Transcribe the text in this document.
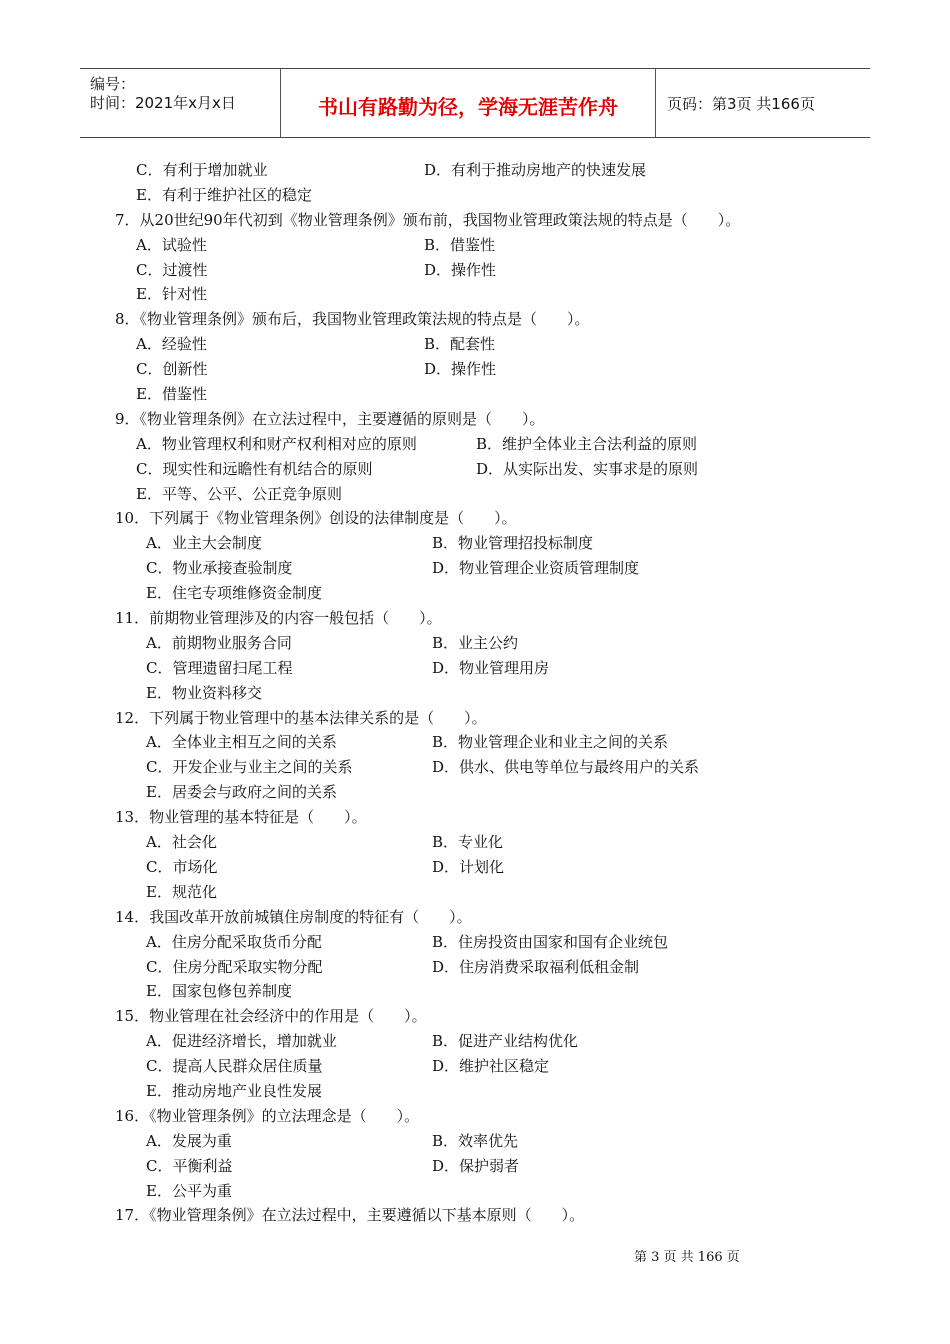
编号：
时间：2021年x月x日	书山有路勤为径，学海无涯苦作舟	页码：第3页 共166页
C．有利于增加就业	D．有利于推动房地产的快速发展
E．有利于维护社区的稳定
7．从20世纪90年代初到《物业管理条例》颁布前，我国物业管理政策法规的特点是（　　）。
A．试验性	B．借鉴性
C．过渡性	D．操作性
E．针对性
8．《物业管理条例》颁布后，我国物业管理政策法规的特点是（　　）。
A．经验性	B．配套性
C．创新性	D．操作性
E．借鉴性
9．《物业管理条例》在立法过程中，主要遵循的原则是（　　）。
A．物业管理权利和财产权利相对应的原则	B．维护全体业主合法利益的原则
C．现实性和远瞻性有机结合的原则	D．从实际出发、实事求是的原则
E．平等、公平、公正竞争原则
10．下列属于《物业管理条例》创设的法律制度是（　　）。
A．业主大会制度	B．物业管理招投标制度
C．物业承接查验制度	D．物业管理企业资质管理制度
E．住宅专项维修资金制度
11．前期物业管理涉及的内容一般包括（　　）。
A．前期物业服务合同	B．业主公约
C．管理遗留扫尾工程	D．物业管理用房
E．物业资料移交
12．下列属于物业管理中的基本法律关系的是（　　）。
A．全体业主相互之间的关系	B．物业管理企业和业主之间的关系
C．开发企业与业主之间的关系	D．供水、供电等单位与最终用户的关系
E．居委会与政府之间的关系
13．物业管理的基本特征是（　　）。
A．社会化	B．专业化
C．市场化	D．计划化
E．规范化
14．我国改革开放前城镇住房制度的特征有（　　）。
A．住房分配采取货币分配	B．住房投资由国家和国有企业统包
C．住房分配采取实物分配	D．住房消费采取福利低租金制
E．国家包修包养制度
15．物业管理在社会经济中的作用是（　　）。
A．促进经济增长，增加就业	B．促进产业结构优化
C．提高人民群众居住质量	D．维护社区稳定
E．推动房地产业良性发展
16．《物业管理条例》的立法理念是（　　）。
A．发展为重	B．效率优先
C．平衡利益	D．保护弱者
E．公平为重
17．《物业管理条例》在立法过程中，主要遵循以下基本原则（　　）。
第 3 页 共 166 页
